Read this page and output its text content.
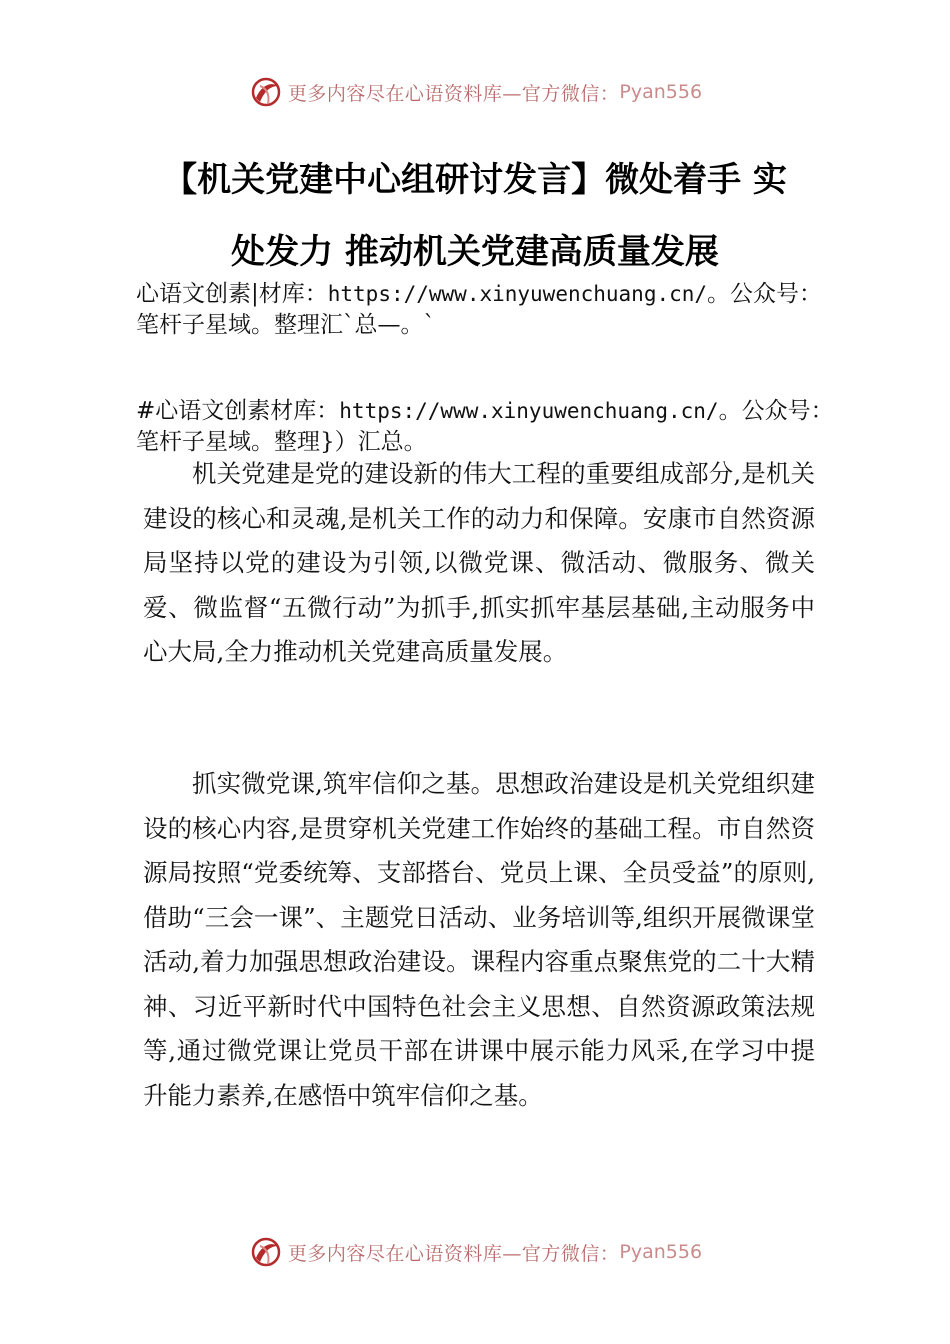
更多内容尽在心语资料库—官方微信： Pyan556
【机关党建中心组研讨发言】微处着手 实
处发力 推动机关党建高质量发展
心语文创素|材库：https://www.xinyuwenchuang.cn/。公众号：笔杆子星域。整理汇`总—。`
#心语文创素材库：https://www.xinyuwenchuang.cn/。公众号：笔杆子星域。整理}）汇总。
机关党建是党的建设新的伟大工程的重要组成部分,是机关建设的核心和灵魂,是机关工作的动力和保障。安康市自然资源局坚持以党的建设为引领,以微党课、微活动、微服务、微关爱、微监督“五微行动”为抓手,抓实抓牢基层基础,主动服务中心大局,全力推动机关党建高质量发展。
抓实微党课,筑牢信仰之基。思想政治建设是机关党组织建设的核心内容,是贯穿机关党建工作始终的基础工程。市自然资源局按照“党委统筹、支部搭台、党员上课、全员受益”的原则,借助“三会一课”、主题党日活动、业务培训等,组织开展微课堂活动,着力加强思想政治建设。课程内容重点聚焦党的二十大精神、习近平新时代中国特色社会主义思想、自然资源政策法规等,通过微党课让党员干部在讲课中展示能力风采,在学习中提升能力素养,在感悟中筑牢信仰之基。
更多内容尽在心语资料库—官方微信： Pyan556
